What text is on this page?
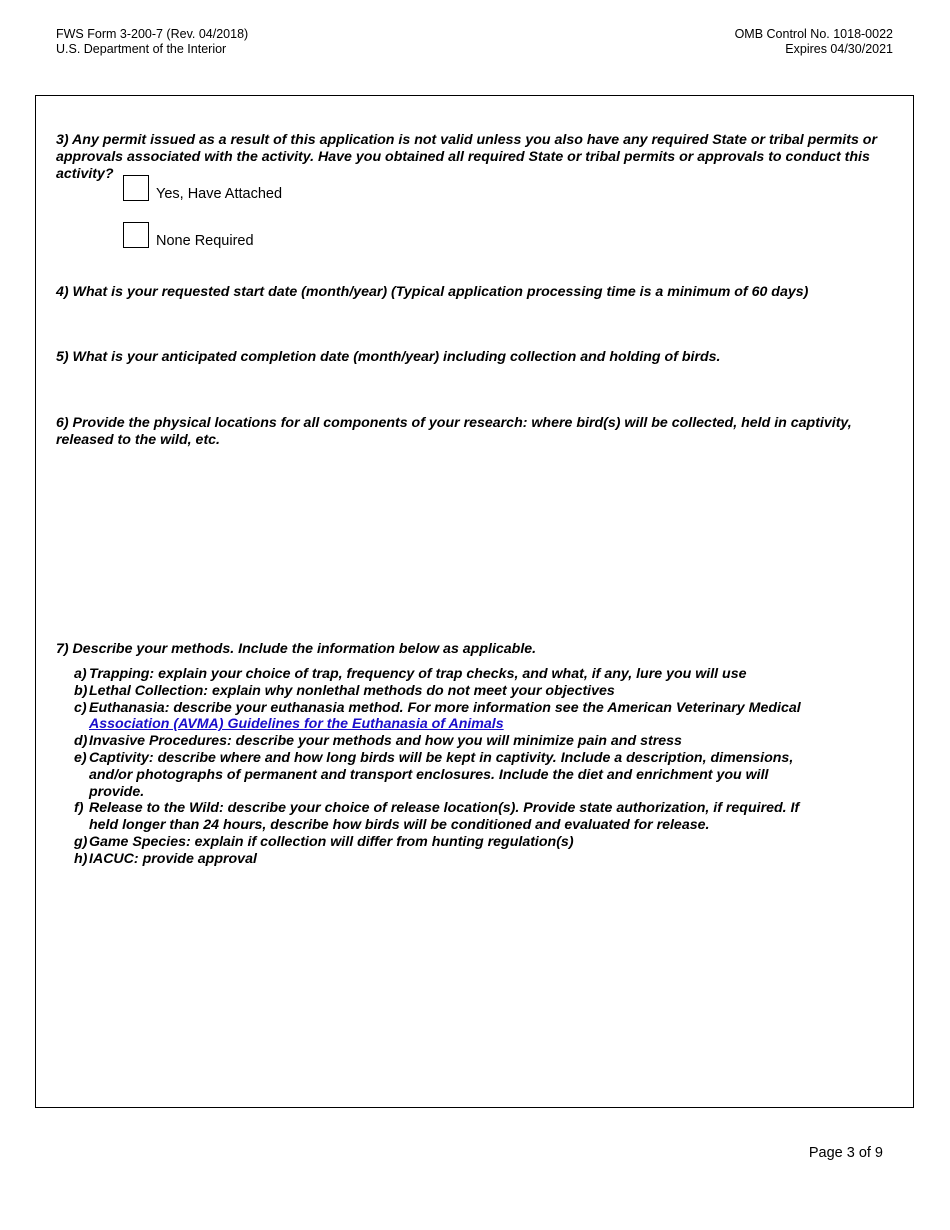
FWS Form 3-200-7 (Rev. 04/2018)
U.S. Department of the Interior
OMB Control No. 1018-0022
Expires 04/30/2021
3) Any permit issued as a result of this application is not valid unless you also have any required State or tribal permits or approvals associated with the activity. Have you obtained all required State or tribal permits or approvals to conduct this activity?
Yes, Have Attached
None Required
4) What is your requested start date (month/year) (Typical application processing time is a minimum of 60 days)
5) What is your anticipated completion date (month/year) including collection and holding of birds.
6) Provide the physical locations for all components of your research: where bird(s) will be collected, held in captivity, released to the wild, etc.
7) Describe your methods. Include the information below as applicable.
a) Trapping: explain your choice of trap, frequency of trap checks, and what, if any, lure you will use
b) Lethal Collection: explain why nonlethal methods do not meet your objectives
c) Euthanasia: describe your euthanasia method. For more information see the American Veterinary Medical Association (AVMA) Guidelines for the Euthanasia of Animals
d) Invasive Procedures: describe your methods and how you will minimize pain and stress
e) Captivity: describe where and how long birds will be kept in captivity. Include a description, dimensions, and/or photographs of permanent and transport enclosures. Include the diet and enrichment you will provide.
f) Release to the Wild: describe your choice of release location(s). Provide state authorization, if required. If held longer than 24 hours, describe how birds will be conditioned and evaluated for release.
g) Game Species: explain if collection will differ from hunting regulation(s)
h) IACUC: provide approval
Page 3 of 9
